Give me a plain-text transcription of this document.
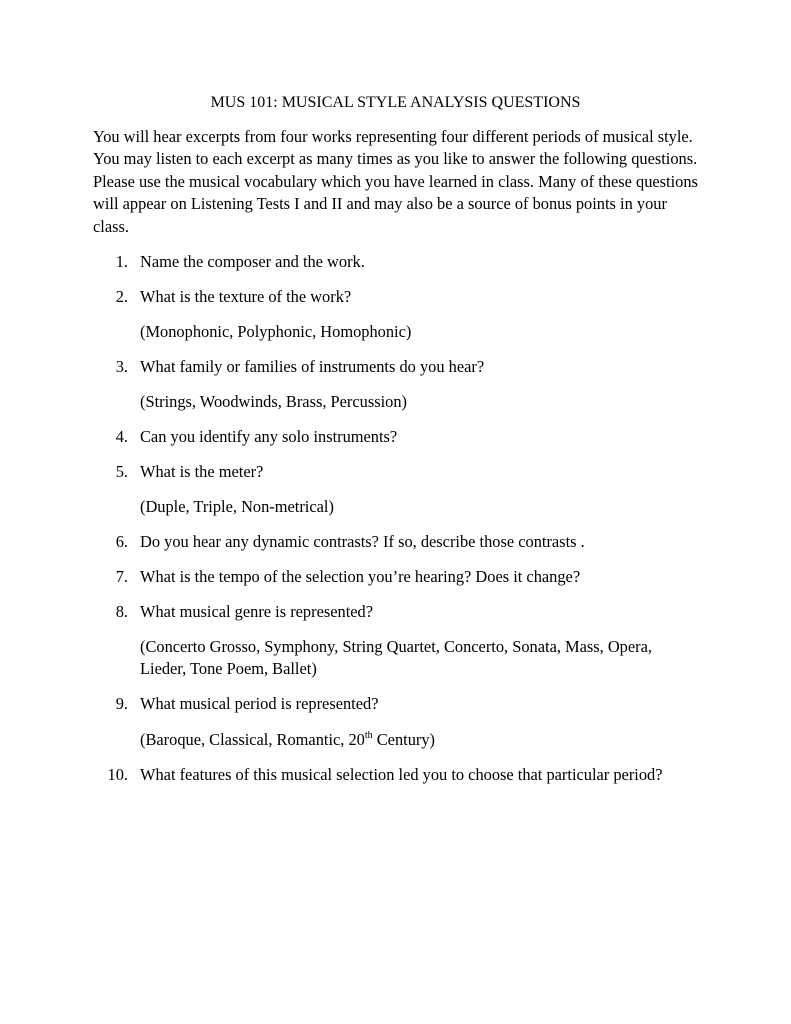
MUS 101: MUSICAL STYLE ANALYSIS QUESTIONS

You will hear excerpts from four works representing four different periods of musical style. You may listen to each excerpt as many times as you like to answer the following questions. Please use the musical vocabulary which you have learned in class. Many of these questions will appear on Listening Tests I and II and may also be a source of bonus points in your class.

1. Name the composer and the work.
2. What is the texture of the work?
(Monophonic, Polyphonic, Homophonic)
3. What family or families of instruments do you hear?
(Strings, Woodwinds, Brass, Percussion)
4. Can you identify any solo instruments?
5. What is the meter?
(Duple, Triple, Non-metrical)
6. Do you hear any dynamic contrasts? If so, describe those contrasts .
7. What is the tempo of the selection you’re hearing? Does it change?
8. What musical genre is represented?
(Concerto Grosso, Symphony, String Quartet, Concerto, Sonata, Mass, Opera, Lieder, Tone Poem, Ballet)
9. What musical period is represented?
(Baroque, Classical, Romantic, 20th Century)
10. What features of this musical selection led you to choose that particular period?
